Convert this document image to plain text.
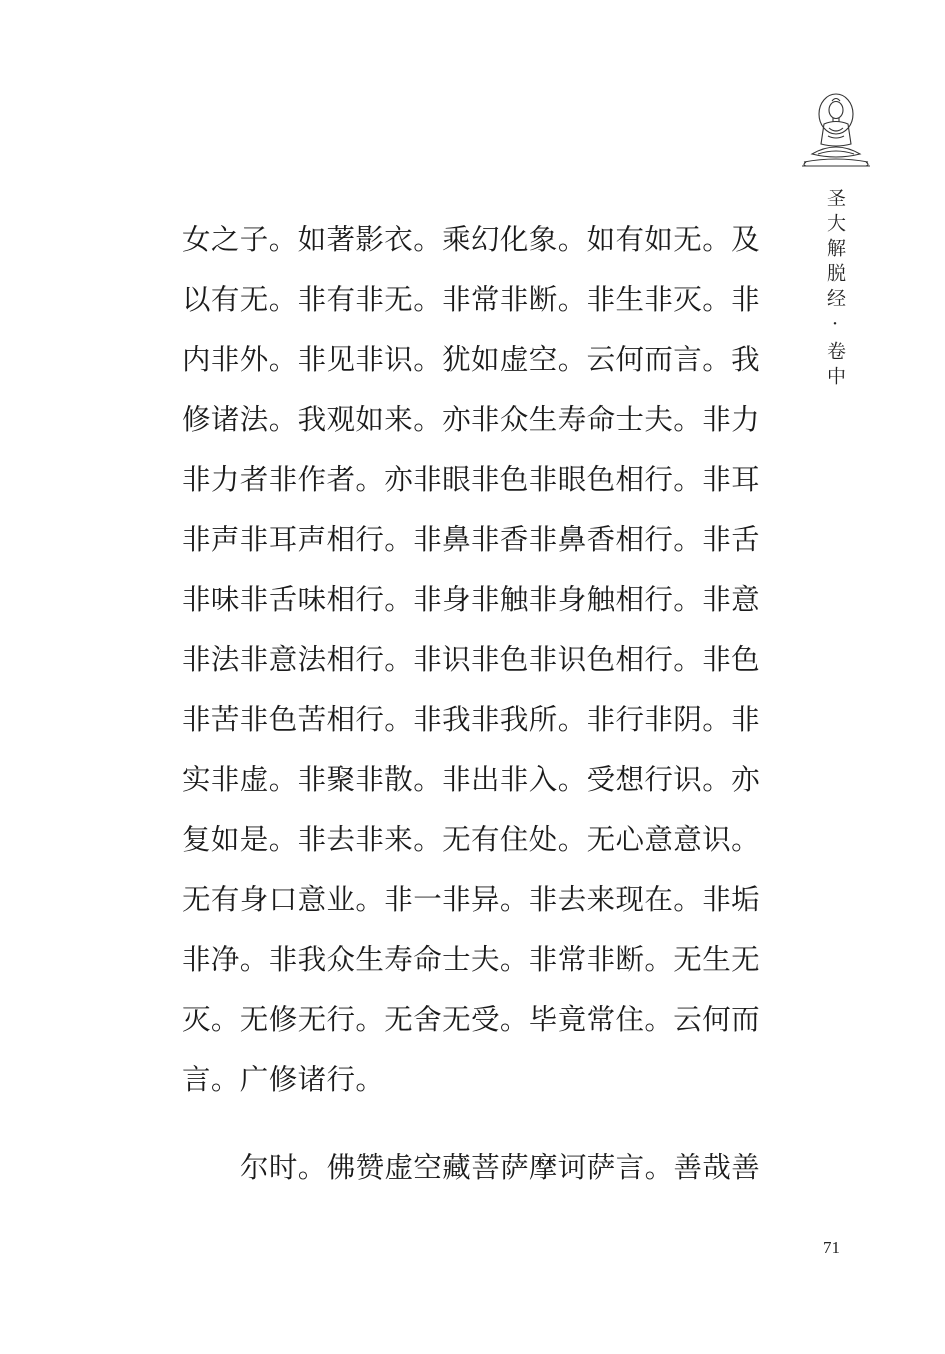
圣大解脱经·卷中
女之子。如著影衣。乘幻化象。如有如无。及
以有无。非有非无。非常非断。非生非灭。非
内非外。非见非识。犹如虚空。云何而言。我
修诸法。我观如来。亦非众生寿命士夫。非力
非力者非作者。亦非眼非色非眼色相行。非耳
非声非耳声相行。非鼻非香非鼻香相行。非舌
非味非舌味相行。非身非触非身触相行。非意
非法非意法相行。非识非色非识色相行。非色
非苦非色苦相行。非我非我所。非行非阴。非
实非虚。非聚非散。非出非入。受想行识。亦
复如是。非去非来。无有住处。无心意意识。
无有身口意业。非一非异。非去来现在。非垢
非净。非我众生寿命士夫。非常非断。无生无
灭。无修无行。无舍无受。毕竟常住。云何而
言。广修诸行。
尔时。佛赞虚空藏菩萨摩诃萨言。善哉善
71
